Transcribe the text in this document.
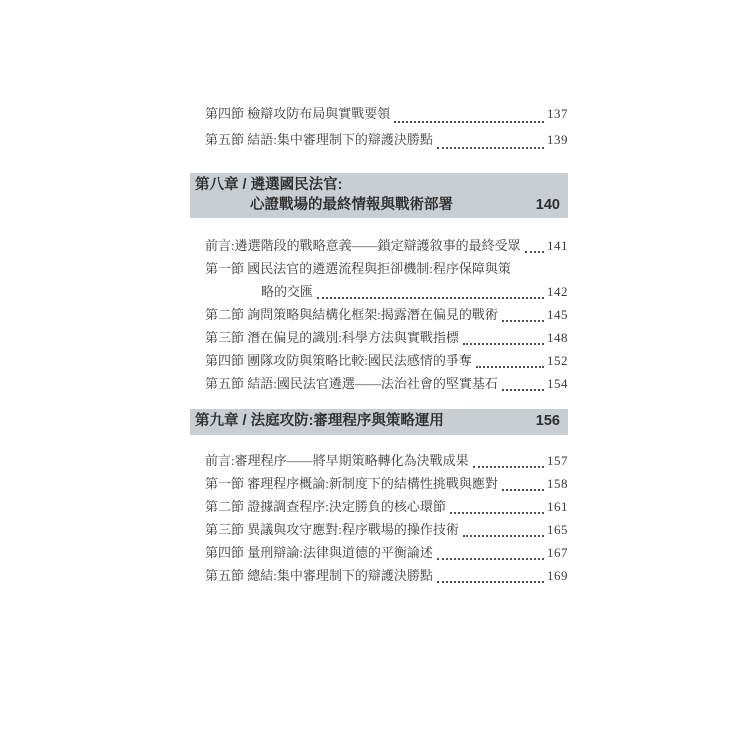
第四節 檢辯攻防布局與實戰要領	137
第五節 結語:集中審理制下的辯護決勝點	139
第八章 / 遴選國民法官:
心證戰場的最終情報與戰術部署	140
前言:遴選階段的戰略意義——鎖定辯護敘事的最終受眾 141
第一節 國民法官的遴選流程與拒卻機制:程序保障與策
略的交匯	142
第二節 詢問策略與結構化框架:揭露潛在偏見的戰術	145
第三節 潛在偏見的識別:科學方法與實戰指標	148
第四節 團隊攻防與策略比較:國民法感情的爭奪	152
第五節 結語:國民法官遴選——法治社會的堅實基石	154
第九章 / 法庭攻防:審理程序與策略運用	156
前言:審理程序——將早期策略轉化為決戰成果	157
第一節 審理程序概論:新制度下的結構性挑戰與應對	158
第二節 證據調查程序:決定勝負的核心環節	161
第三節 異議與攻守應對:程序戰場的操作技術	165
第四節 量刑辯論:法律與道德的平衡論述	167
第五節 總結:集中審理制下的辯護決勝點	169
